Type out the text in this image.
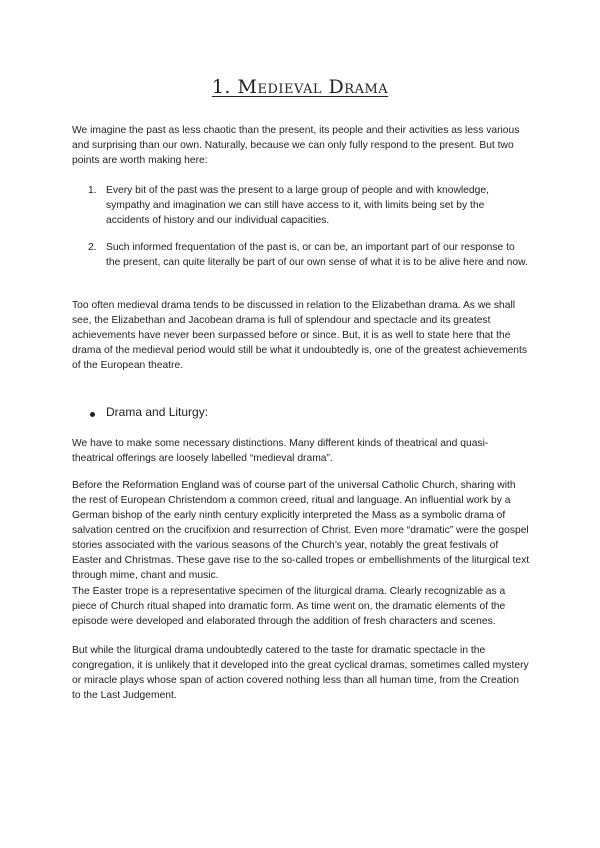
1. Medieval Drama

We imagine the past as less chaotic than the present, its people and their activities as less various and surprising than our own. Naturally, because we can only fully respond to the present. But two points are worth making here:

1. Every bit of the past was the present to a large group of people and with knowledge, sympathy and imagination we can still have access to it, with limits being set by the accidents of history and our individual capacities.

2. Such informed frequentation of the past is, or can be, an important part of our response to the present, can quite literally be part of our own sense of what it is to be alive here and now.

Too often medieval drama tends to be discussed in relation to the Elizabethan drama. As we shall see, the Elizabethan and Jacobean drama is full of splendour and spectacle and its greatest achievements have never been surpassed before or since. But, it is as well to state here that the drama of the medieval period would still be what it undoubtedly is, one of the greatest achievements of the European theatre.

Drama and Liturgy:

We have to make some necessary distinctions. Many different kinds of theatrical and quasi-theatrical offerings are loosely labelled “medieval drama”.

Before the Reformation England was of course part of the universal Catholic Church, sharing with the rest of European Christendom a common creed, ritual and language. An influential work by a German bishop of the early ninth century explicitly interpreted the Mass as a symbolic drama of salvation centred on the crucifixion and resurrection of Christ. Even more “dramatic” were the gospel stories associated with the various seasons of the Church’s year, notably the great festivals of Easter and Christmas. These gave rise to the so-called tropes or embellishments of the liturgical text through mime, chant and music.

The Easter trope is a representative specimen of the liturgical drama. Clearly recognizable as a piece of Church ritual shaped into dramatic form. As time went on, the dramatic elements of the episode were developed and elaborated through the addition of fresh characters and scenes.

But while the liturgical drama undoubtedly catered to the taste for dramatic spectacle in the congregation, it is unlikely that it developed into the great cyclical dramas, sometimes called mystery or miracle plays whose span of action covered nothing less than all human time, from the Creation to the Last Judgement.
